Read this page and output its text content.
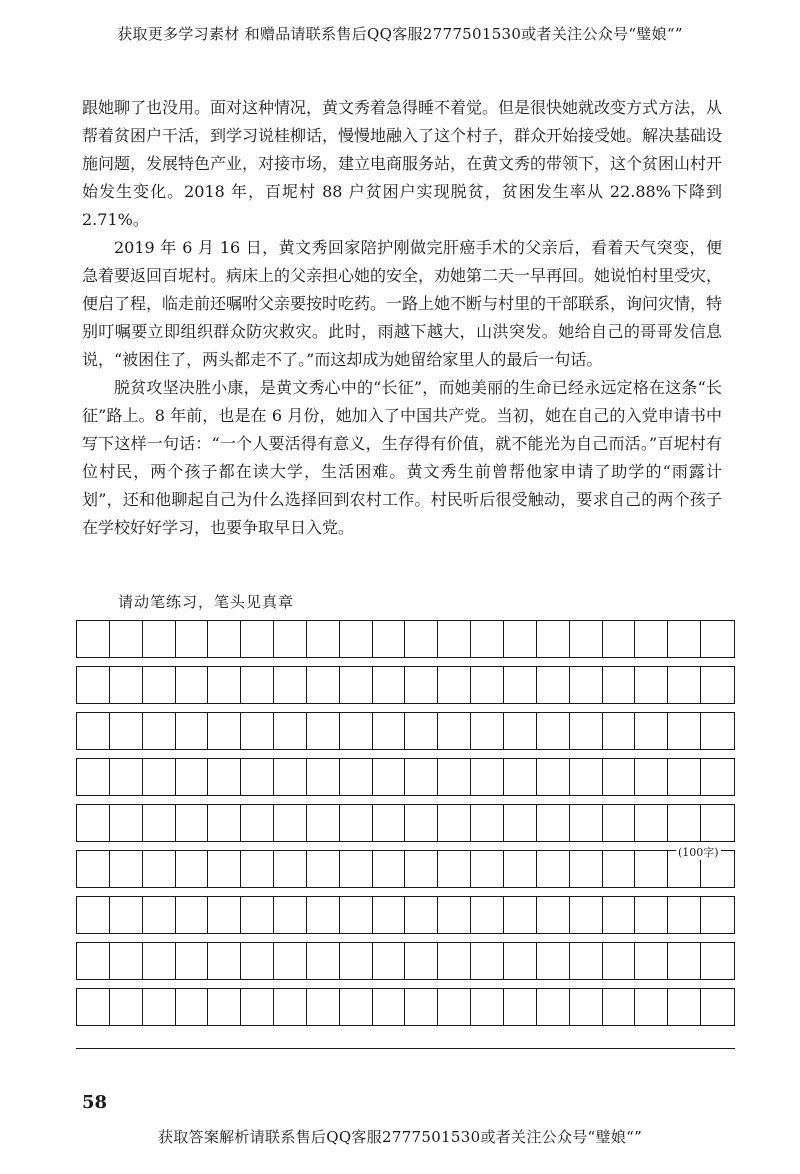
获取更多学习素材 和赠品请联系售后QQ客服2777501530或者关注公众号“璧娘“”

跟她聊了也没用。面对这种情况，黄文秀着急得睡不着觉。但是很快她就改变方式方法，从帮着贫困户干活，到学习说桂柳话，慢慢地融入了这个村子，群众开始接受她。解决基础设施问题，发展特色产业，对接市场，建立电商服务站，在黄文秀的带领下，这个贫困山村开始发生变化。2018 年，百坭村 88 户贫困户实现脱贫，贫困发生率从 22.88%下降到 2.71%。

2019 年 6 月 16 日，黄文秀回家陪护刚做完肝癌手术的父亲后，看着天气突变，便急着要返回百坭村。病床上的父亲担心她的安全，劝她第二天一早再回。她说怕村里受灾，便启了程，临走前还嘱咐父亲要按时吃药。一路上她不断与村里的干部联系，询问灾情，特别叮嘱要立即组织群众防灾救灾。此时，雨越下越大，山洪突发。她给自己的哥哥发信息说，“被困住了，两头都走不了。”而这却成为她留给家里人的最后一句话。

脱贫攻坚决胜小康，是黄文秀心中的“长征”，而她美丽的生命已经永远定格在这条“长征”路上。8 年前，也是在 6 月份，她加入了中国共产党。当初，她在自己的入党申请书中写下这样一句话：“一个人要活得有意义，生存得有价值，就不能光为自己而活。”百坭村有位村民，两个孩子都在读大学，生活困难。黄文秀生前曾帮他家申请了助学的“雨露计划”，还和他聊起自己为什么选择回到农村工作。村民听后很受触动，要求自己的两个孩子在学校好好学习，也要争取早日入党。

请动笔练习，笔头见真章
(100字)
58
获取答案解析请联系售后QQ客服2777501530或者关注公众号“璧娘“”
